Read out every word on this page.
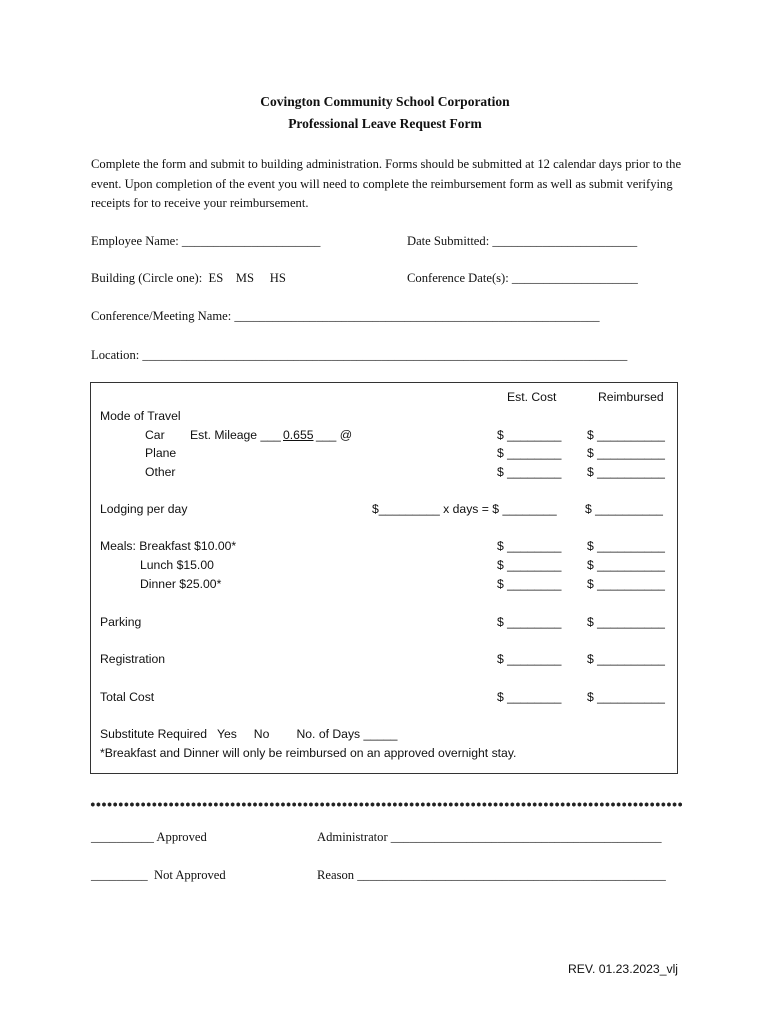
Covington Community School Corporation
Professional Leave Request Form
Complete the form and submit to building administration. Forms should be submitted at 12 calendar days prior to the event. Upon completion of the event you will need to complete the reimbursement form as well as submit verifying receipts for to receive your reimbursement.
Employee Name: ______________________	Date Submitted: _______________________
Building (Circle one):  ES    MS     HS	Conference Date(s): ____________________
Conference/Meeting Name: __________________________________________________________
Location: _____________________________________________________________________________
Est. Cost	Reimbursed
Mode of Travel
Car Est. Mileage ___ 0.655 ___ @	$ ________ $ __________
Plane	$ ________ $ __________
Other	$ ________ $ __________
Lodging per day	$_________ x days = $ ________ $ __________
Meals: Breakfast $10.00*	$ ________ $ __________
Lunch $15.00	$ ________ $ __________
Dinner $25.00*	$ ________ $ __________
Parking	$ ________ $ __________
Registration	$ ________ $ __________
Total Cost	$ ________ $ __________
Substitute Required   Yes     No        No. of Days _____
*Breakfast and Dinner will only be reimbursed on an approved overnight stay.
__________ Approved	Administrator ___________________________________________
_________  Not Approved	Reason _________________________________________________
REV. 01.23.2023_vlj
